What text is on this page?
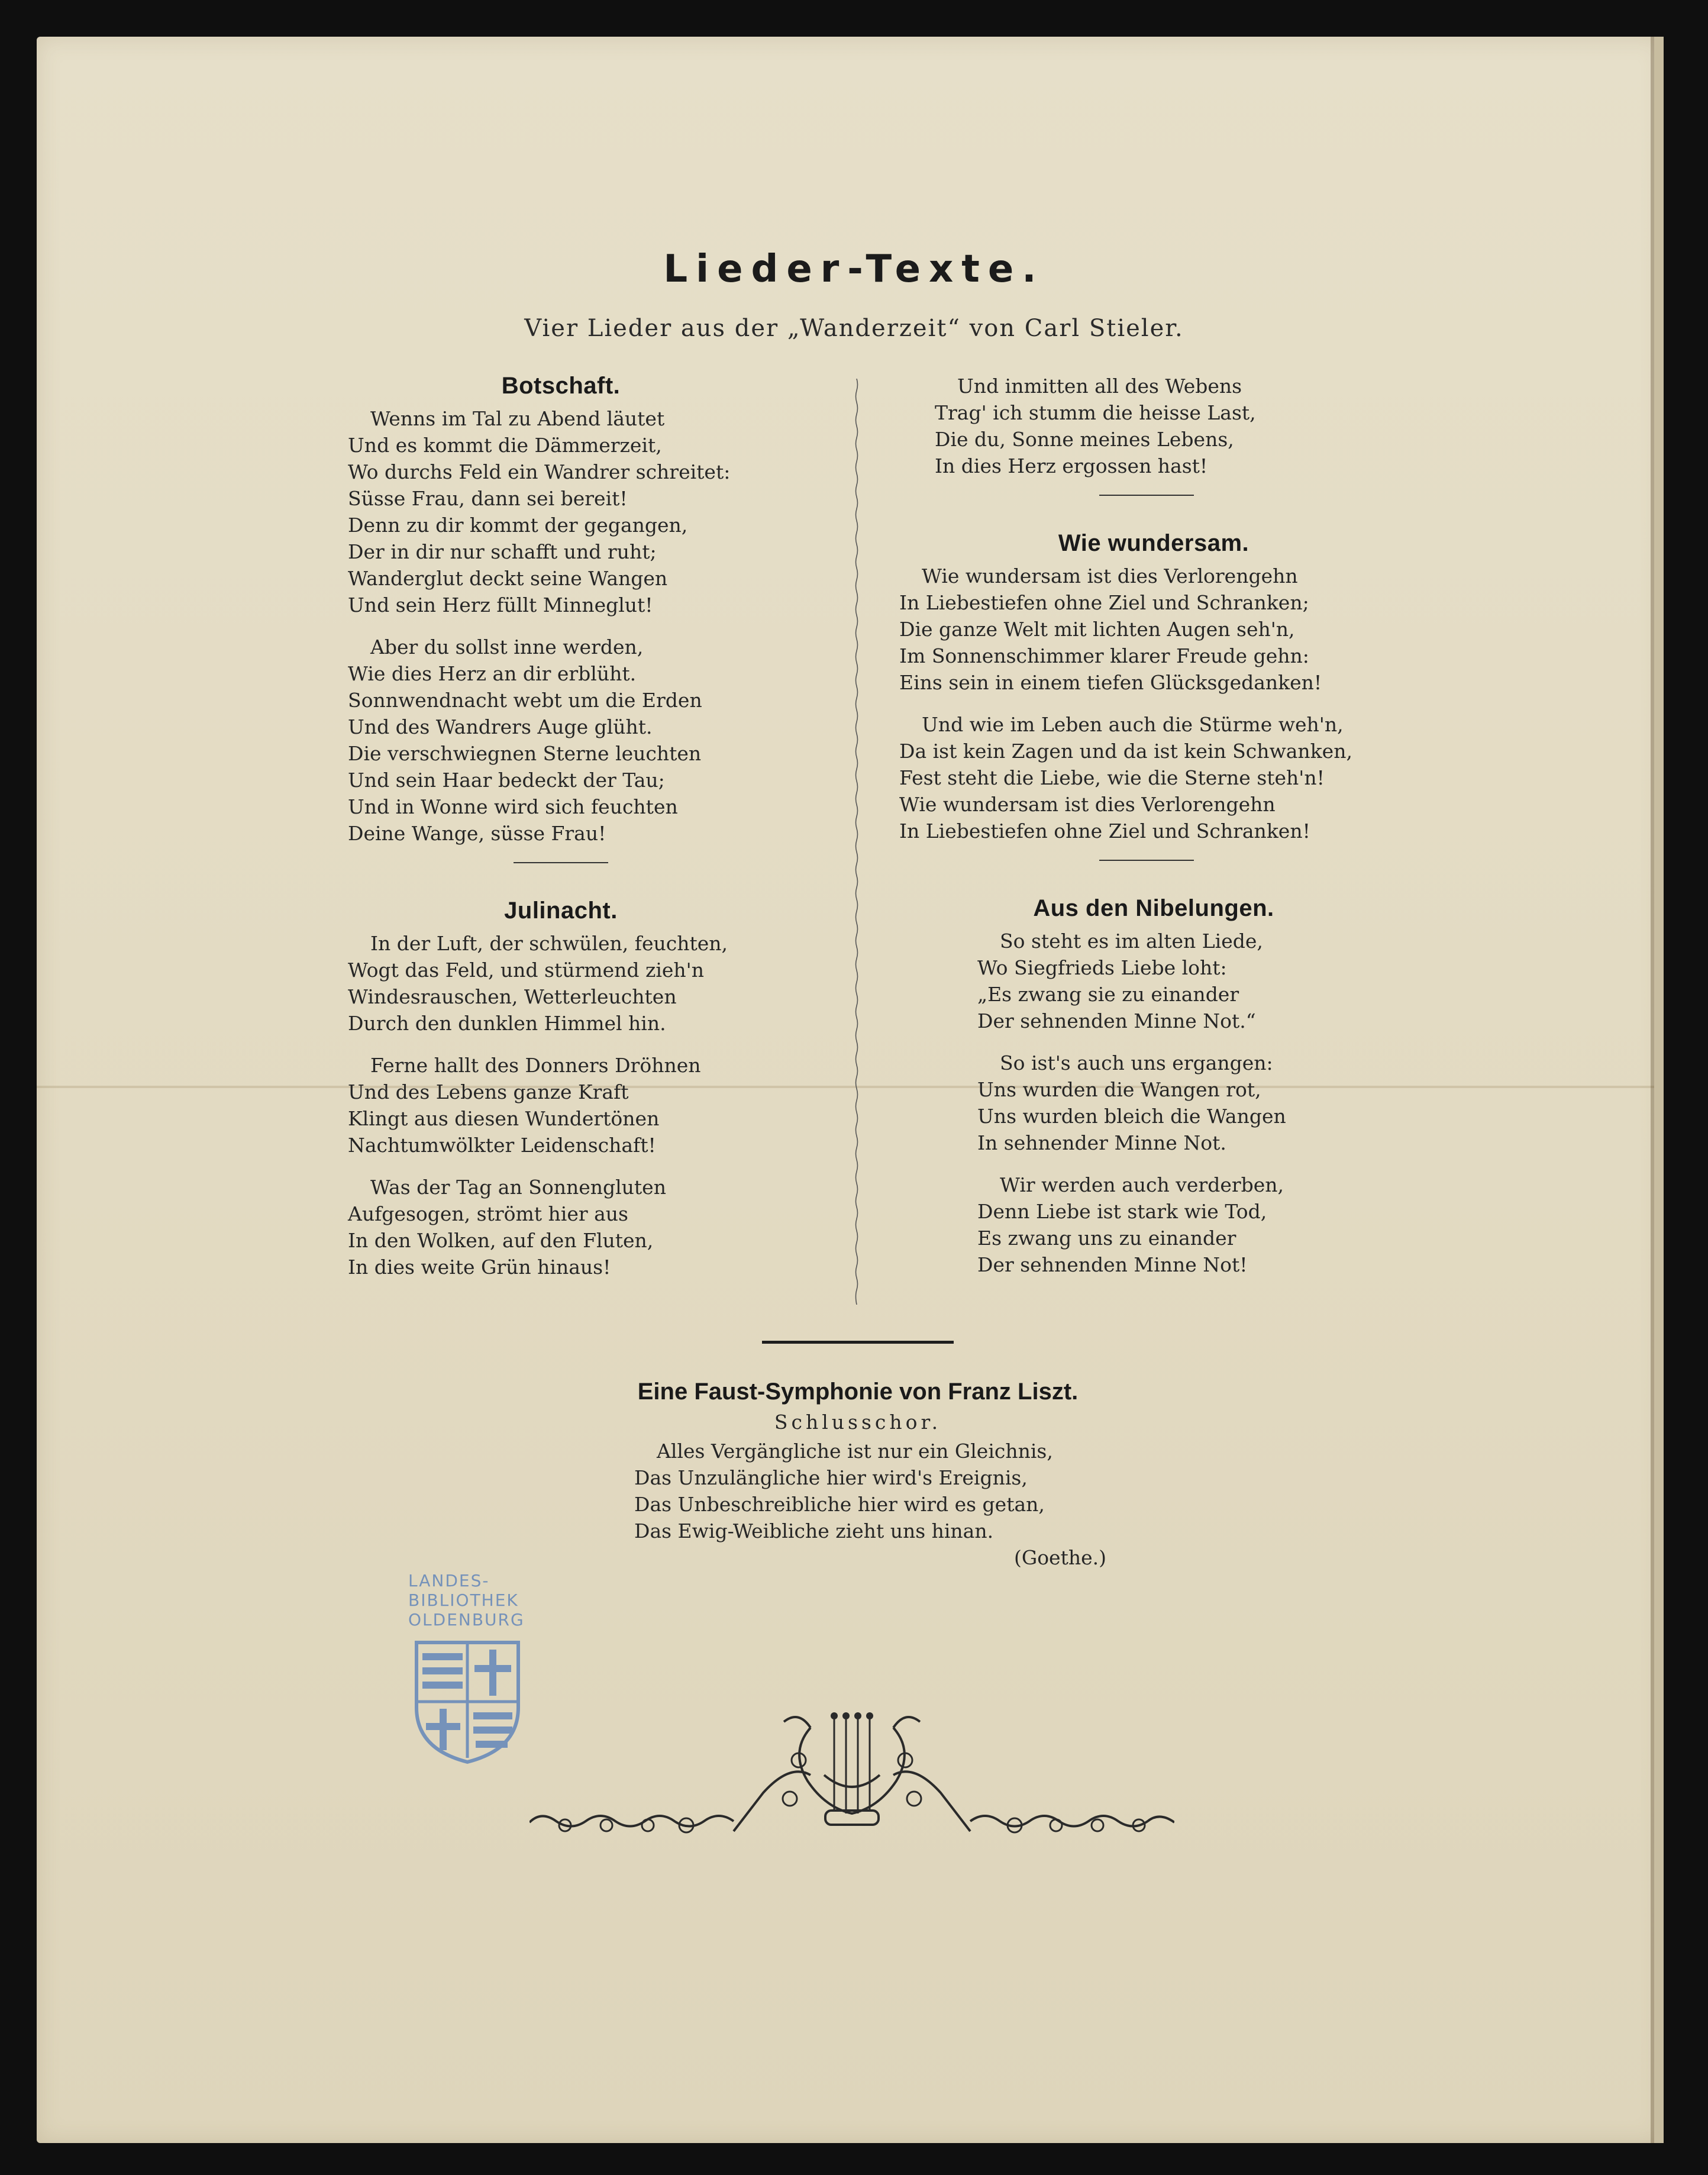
Lieder-Texte.
Vier Lieder aus der „Wanderzeit“ von Carl Stieler.
Botschaft.
Wenns im Tal zu Abend läutet
Und es kommt die Dämmerzeit,
Wo durchs Feld ein Wandrer schreitet:
Süsse Frau, dann sei bereit!
Denn zu dir kommt der gegangen,
Der in dir nur schafft und ruht;
Wanderglut deckt seine Wangen
Und sein Herz füllt Minneglut!
Aber du sollst inne werden,
Wie dies Herz an dir erblüht.
Sonnwendnacht webt um die Erden
Und des Wandrers Auge glüht.
Die verschwiegnen Sterne leuchten
Und sein Haar bedeckt der Tau;
Und in Wonne wird sich feuchten
Deine Wange, süsse Frau!
Julinacht.
In der Luft, der schwülen, feuchten,
Wogt das Feld, und stürmend zieh'n
Windesrauschen, Wetterleuchten
Durch den dunklen Himmel hin.
Ferne hallt des Donners Dröhnen
Und des Lebens ganze Kraft
Klingt aus diesen Wundertönen
Nachtumwölkter Leidenschaft!
Was der Tag an Sonnengluten
Aufgesogen, strömt hier aus
In den Wolken, auf den Fluten,
In dies weite Grün hinaus!
Und inmitten all des Webens
Trag' ich stumm die heisse Last,
Die du, Sonne meines Lebens,
In dies Herz ergossen hast!
Wie wundersam.
Wie wundersam ist dies Verlorengehn
In Liebestiefen ohne Ziel und Schranken;
Die ganze Welt mit lichten Augen seh'n,
Im Sonnenschimmer klarer Freude gehn:
Eins sein in einem tiefen Glücksgedanken!
Und wie im Leben auch die Stürme weh'n,
Da ist kein Zagen und da ist kein Schwanken,
Fest steht die Liebe, wie die Sterne steh'n!
Wie wundersam ist dies Verlorengehn
In Liebestiefen ohne Ziel und Schranken!
Aus den Nibelungen.
So steht es im alten Liede,
Wo Siegfrieds Liebe loht:
„Es zwang sie zu einander
Der sehnenden Minne Not.“
So ist's auch uns ergangen:
Uns wurden die Wangen rot,
Uns wurden bleich die Wangen
In sehnender Minne Not.
Wir werden auch verderben,
Denn Liebe ist stark wie Tod,
Es zwang uns zu einander
Der sehnenden Minne Not!
Eine Faust-Symphonie von Franz Liszt.
Schlusschor.
Alles Vergängliche ist nur ein Gleichnis,
Das Unzulängliche hier wird's Ereignis,
Das Unbeschreibliche hier wird es getan,
Das Ewig-Weibliche zieht uns hinan.
(Goethe.)
LANDES-
BIBLIOTHEK
OLDENBURG
